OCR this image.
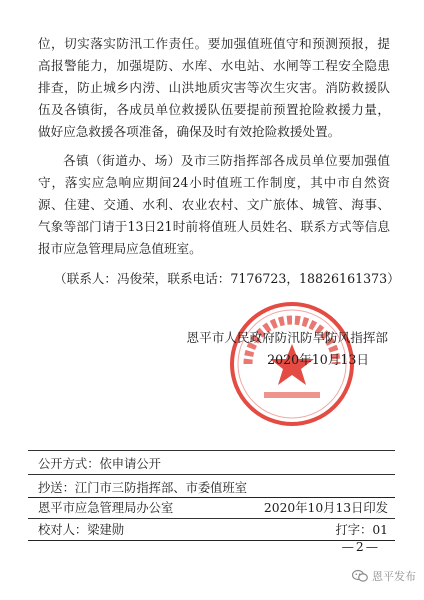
位，切实落实防汛工作责任。要加强值班值守和预测预报，提高报警能力，加强堤防、水库、水电站、水闸等工程安全隐患排查，防止城乡内涝、山洪地质灾害等次生灾害。消防救援队伍及各镇街，各成员单位救援队伍要提前预置抢险救援力量，做好应急救援各项准备，确保及时有效抢险救援处置。

各镇（街道办、场）及市三防指挥部各成员单位要加强值守，落实应急响应期间24小时值班工作制度，其中市自然资源、住建、交通、水利、农业农村、文广旅体、城管、海事、气象等部门请于13日21时前将值班人员姓名、联系方式等信息报市应急管理局应急值班室。

（联系人：冯俊荣，联系电话：7176723，18826161373）

恩平市人民政府防汛防旱防风指挥部

2020年10月13日

公开方式：依申请公开

抄送：江门市三防指挥部、市委值班室

恩平市应急管理局办公室	2020年10月13日印发

校对人：梁建勋	打字：01

—2—

恩平发布
